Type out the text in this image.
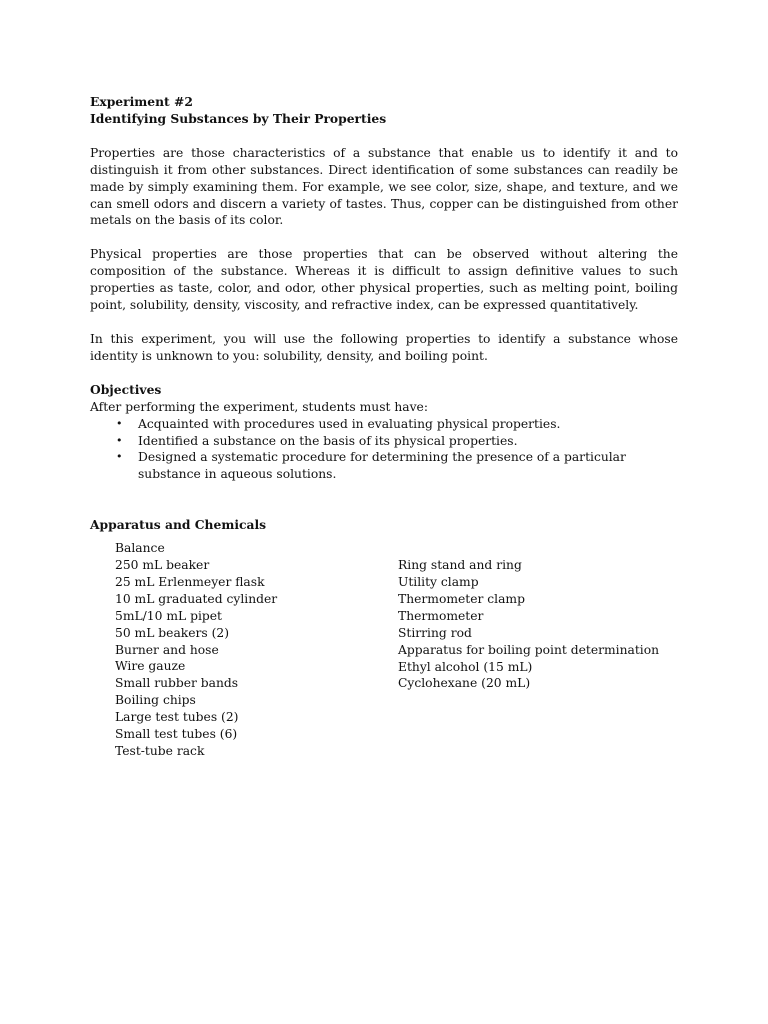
Experiment #2
Identifying Substances by Their Properties

Properties are those characteristics of a substance that enable us to identify it and to distinguish it from other substances. Direct identification of some substances can readily be made by simply examining them. For example, we see color, size, shape, and texture, and we can smell odors and discern a variety of tastes. Thus, copper can be distinguished from other metals on the basis of its color.

Physical properties are those properties that can be observed without altering the composition of the substance. Whereas it is difficult to assign definitive values to such properties as taste, color, and odor, other physical properties, such as melting point, boiling point, solubility, density, viscosity, and refractive index, can be expressed quantitatively.

In this experiment, you will use the following properties to identify a substance whose identity is unknown to you: solubility, density, and boiling point.

Objectives
After performing the experiment, students must have:
• Acquainted with procedures used in evaluating physical properties.
• Identified a substance on the basis of its physical properties.
• Designed a systematic procedure for determining the presence of a particular substance in aqueous solutions.
Apparatus and Chemicals
Balance
250 mL beaker
25 mL Erlenmeyer flask
10 mL graduated cylinder
5mL/10 mL pipet
50 mL beakers (2)
Burner and hose
Wire gauze
Small rubber bands
Boiling chips
Large test tubes (2)
Small test tubes (6)
Test-tube rack
Ring stand and ring
Utility clamp
Thermometer clamp
Thermometer
Stirring rod
Apparatus for boiling point determination
Ethyl alcohol (15 mL)
Cyclohexane (20 mL)
